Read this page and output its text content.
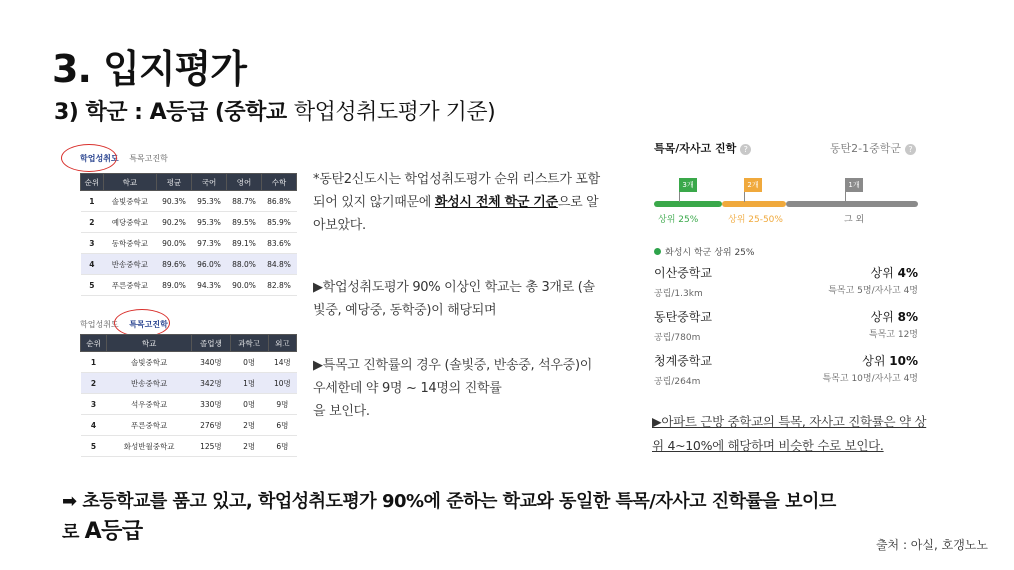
3. 입지평가
3) 학군 : A등급 (중학교 학업성취도평가 기준)
학업성취도 특목고진학
순위	학교	평균	국어	영어	수학
1	솔빛중학교	90.3%	95.3%	88.7%	86.8%
2	예당중학교	90.2%	95.3%	89.5%	85.9%
3	동학중학교	90.0%	97.3%	89.1%	83.6%
4	반송중학교	89.6%	96.0%	88.0%	84.8%
5	푸른중학교	89.0%	94.3%	90.0%	82.8%
학업성취도 특목고진학
순위	학교	졸업생	과학고	외고
1	솔빛중학교	340명	0명	14명
2	반송중학교	342명	1명	10명
3	석우중학교	330명	0명	9명
4	푸른중학교	276명	2명	6명
5	화성반월중학교	125명	2명	6명
*동탄2신도시는 학업성취도평가 순위 리스트가 포함
되어 있지 않기때문에 화성시 전체 학군 기준으로 알
아보았다.
▶학업성취도평가 90% 이상인 학교는 총 3개로 (솔
빛중, 예당중, 동학중)이 해당되며
▶특목고 진학률의 경우 (솔빛중, 반송중, 석우중)이
우세한데 약 9명 ~ 14명의 진학률
을 보인다.
특목/자사고 진학 ?	동탄2-1중학군 ?
3개	2개	1개
상위 25%	상위 25-50%	그 외
화성시 학군 상위 25%
이산중학교
공립/1.3km
상위 4%
특목고 5명/자사고 4명
동탄중학교
공립/780m
상위 8%
특목고 12명
청계중학교
공립/264m
상위 10%
특목고 10명/자사고 4명
▶아파트 근방 중학교의 특목, 자사고 진학률은 약 상
위 4~10%에 해당하며 비슷한 수로 보인다.
➡ 초등학교를 품고 있고, 학업성취도평가 90%에 준하는 학교와 동일한 특목/자사고 진학률을 보이므
로 A등급
출처 : 아실, 호갱노노
